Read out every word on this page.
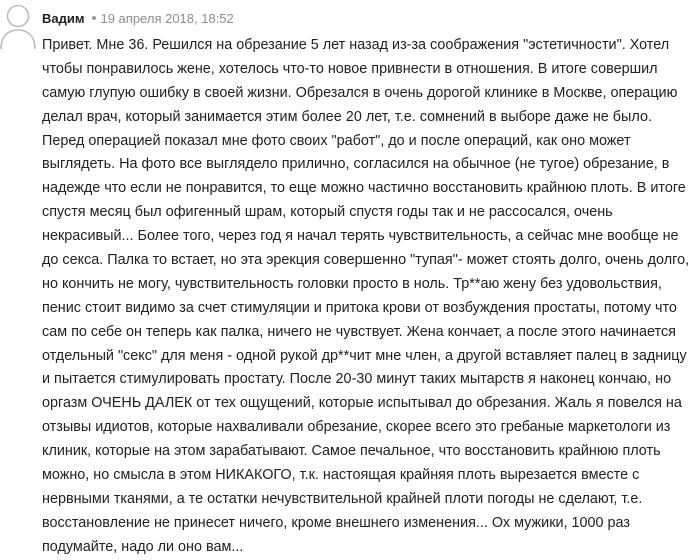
Вадим 19 апреля 2018, 18:52
Привет. Мне 36. Решился на обрезание 5 лет назад из-за соображения "эстетичности". Хотел
чтобы понравилось жене, хотелось что-то новое привнести в отношения. В итоге совершил
самую глупую ошибку в своей жизни. Обрезался в очень дорогой клинике в Москве, операцию
делал врач, который занимается этим более 20 лет, т.е. сомнений в выборе даже не было.
Перед операцией показал мне фото своих "работ", до и после операций, как оно может
выглядеть. На фото все выглядело прилично, согласился на обычное (не тугое) обрезание, в
надежде что если не понравится, то еще можно частично восстановить крайнюю плоть. В итоге
спустя месяц был офигенный шрам, который спустя годы так и не рассосался, очень
некрасивый... Более того, через год я начал терять чувствительность, а сейчас мне вообще не
до секса. Палка то встает, но эта эрекция совершенно "тупая"- может стоять долго, очень долго,
но кончить не могу, чувствительность головки просто в ноль. Тр**аю жену без удовольствия,
пенис стоит видимо за счет стимуляции и притока крови от возбуждения простаты, потому что
сам по себе он теперь как палка, ничего не чувствует. Жена кончает, а после этого начинается
отдельный "секс" для меня - одной рукой др**чит мне член, а другой вставляет палец в задницу
и пытается стимулировать простату. После 20-30 минут таких мытарств я наконец кончаю, но
оргазм ОЧЕНЬ ДАЛЕК от тех ощущений, которые испытывал до обрезания. Жаль я повелся на
отзывы идиотов, которые нахваливали обрезание, скорее всего это гребаные маркетологи из
клиник, которые на этом зарабатывают. Самое печальное, что восстановить крайнюю плоть
можно, но смысла в этом НИКАКОГО, т.к. настоящая крайняя плоть вырезается вместе с
нервными тканями, а те остатки нечувствительной крайней плоти погоды не сделают, т.е.
восстановление не принесет ничего, кроме внешнего изменения... Ох мужики, 1000 раз
подумайте, надо ли оно вам...
